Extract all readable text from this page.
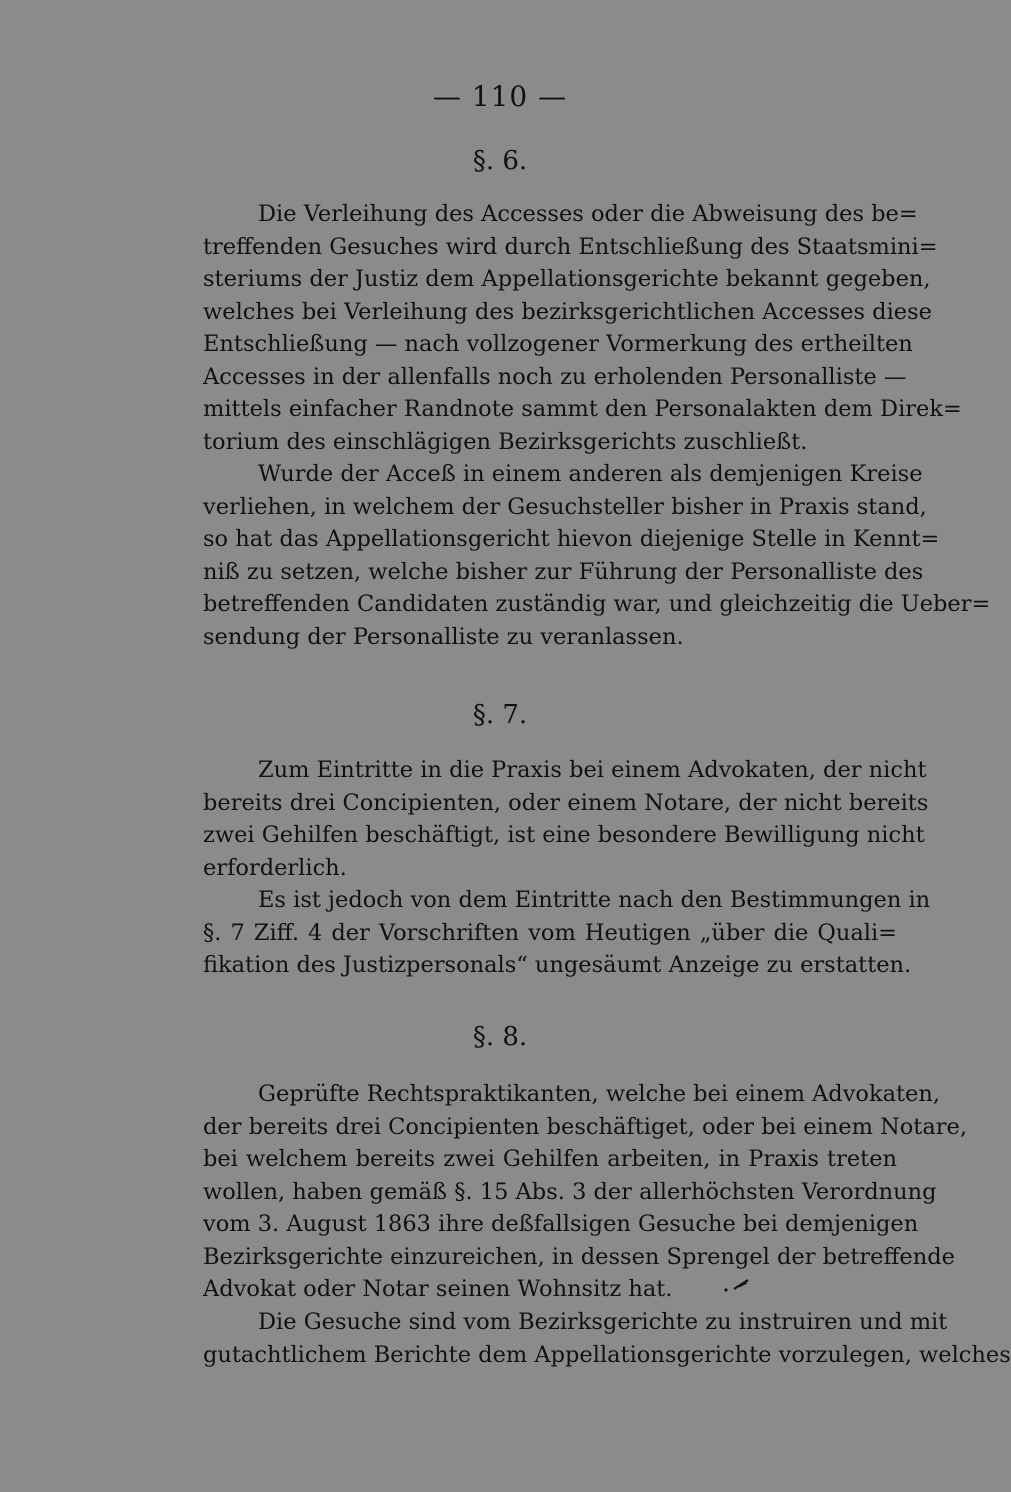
— 110 —
§. 6.
Die Verleihung des Accesses oder die Abweisung des be=
treffenden Gesuches wird durch Entschließung des Staatsmini=
steriums der Justiz dem Appellationsgerichte bekannt gegeben,
welches bei Verleihung des bezirksgerichtlichen Accesses diese
Entschließung — nach vollzogener Vormerkung des ertheilten
Accesses in der allenfalls noch zu erholenden Personalliste —
mittels einfacher Randnote sammt den Personalakten dem Direk=
torium des einschlägigen Bezirksgerichts zuschließt.
Wurde der Acceß in einem anderen als demjenigen Kreise
verliehen, in welchem der Gesuchsteller bisher in Praxis stand,
so hat das Appellationsgericht hievon diejenige Stelle in Kennt=
niß zu setzen, welche bisher zur Führung der Personalliste des
betreffenden Candidaten zuständig war, und gleichzeitig die Ueber=
sendung der Personalliste zu veranlassen.
§. 7.
Zum Eintritte in die Praxis bei einem Advokaten, der nicht
bereits drei Concipienten, oder einem Notare, der nicht bereits
zwei Gehilfen beschäftigt, ist eine besondere Bewilligung nicht
erforderlich.
Es ist jedoch von dem Eintritte nach den Bestimmungen in
§. 7 Ziff. 4 der Vorschriften vom Heutigen „über die Quali=
fikation des Justizpersonals“ ungesäumt Anzeige zu erstatten.
§. 8.
Geprüfte Rechtspraktikanten, welche bei einem Advokaten,
der bereits drei Concipienten beschäftiget, oder bei einem Notare,
bei welchem bereits zwei Gehilfen arbeiten, in Praxis treten
wollen, haben gemäß §. 15 Abs. 3 der allerhöchsten Verordnung
vom 3. August 1863 ihre deßfallsigen Gesuche bei demjenigen
Bezirksgerichte einzureichen, in dessen Sprengel der betreffende
Advokat oder Notar seinen Wohnsitz hat.
Die Gesuche sind vom Bezirksgerichte zu instruiren und mit
gutachtlichem Berichte dem Appellationsgerichte vorzulegen, welches
